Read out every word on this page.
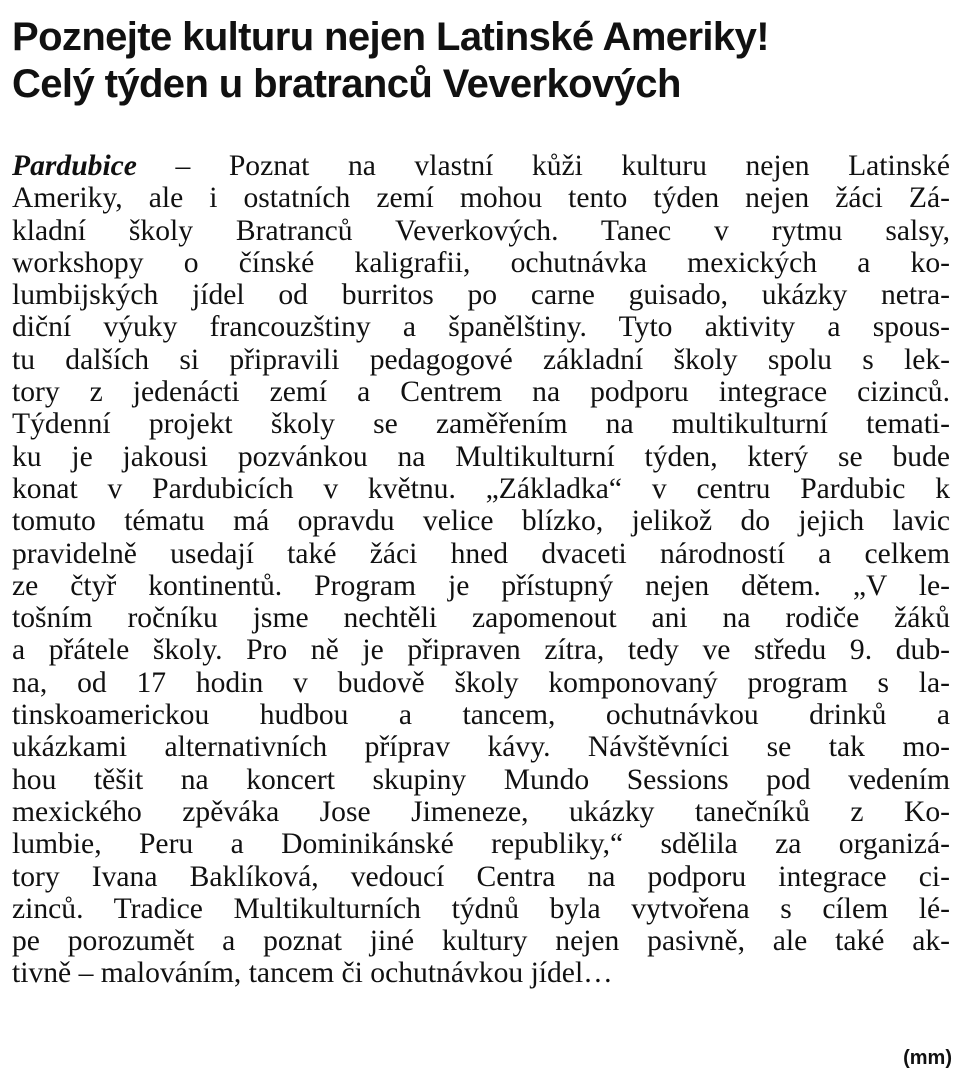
Poznejte kulturu nejen Latinské Ameriky!
Celý týden u bratranců Veverkových
Pardubice – Poznat na vlastní kůži kulturu nejen Latinské
Ameriky, ale i ostatních zemí mohou tento týden nejen žáci Zá-
kladní školy Bratranců Veverkových. Tanec v rytmu salsy,
workshopy o čínské kaligrafii, ochutnávka mexických a ko-
lumbijských jídel od burritos po carne guisado, ukázky netra-
diční výuky francouzštiny a španělštiny. Tyto aktivity a spous-
tu dalších si připravili pedagogové základní školy spolu s lek-
tory z jedenácti zemí a Centrem na podporu integrace cizinců.
Týdenní projekt školy se zaměřením na multikulturní temati-
ku je jakousi pozvánkou na Multikulturní týden, který se bude
konat v Pardubicích v květnu. „Základka“ v centru Pardubic k
tomuto tématu má opravdu velice blízko, jelikož do jejich lavic
pravidelně usedají také žáci hned dvaceti národností a celkem
ze čtyř kontinentů. Program je přístupný nejen dětem. „V le-
tošním ročníku jsme nechtěli zapomenout ani na rodiče žáků
a přátele školy. Pro ně je připraven zítra, tedy ve středu 9. dub-
na, od 17 hodin v budově školy komponovaný program s la-
tinskoamerickou hudbou a tancem, ochutnávkou drinků a
ukázkami alternativních příprav kávy. Návštěvníci se tak mo-
hou těšit na koncert skupiny Mundo Sessions pod vedením
mexického zpěváka Jose Jimeneze, ukázky tanečníků z Ko-
lumbie, Peru a Dominikánské republiky,“ sdělila za organizá-
tory Ivana Baklíková, vedoucí Centra na podporu integrace ci-
zinců. Tradice Multikulturních týdnů byla vytvořena s cílem lé-
pe porozumět a poznat jiné kultury nejen pasivně, ale také ak-
tivně – malováním, tancem či ochutnávkou jídel…
(mm)
